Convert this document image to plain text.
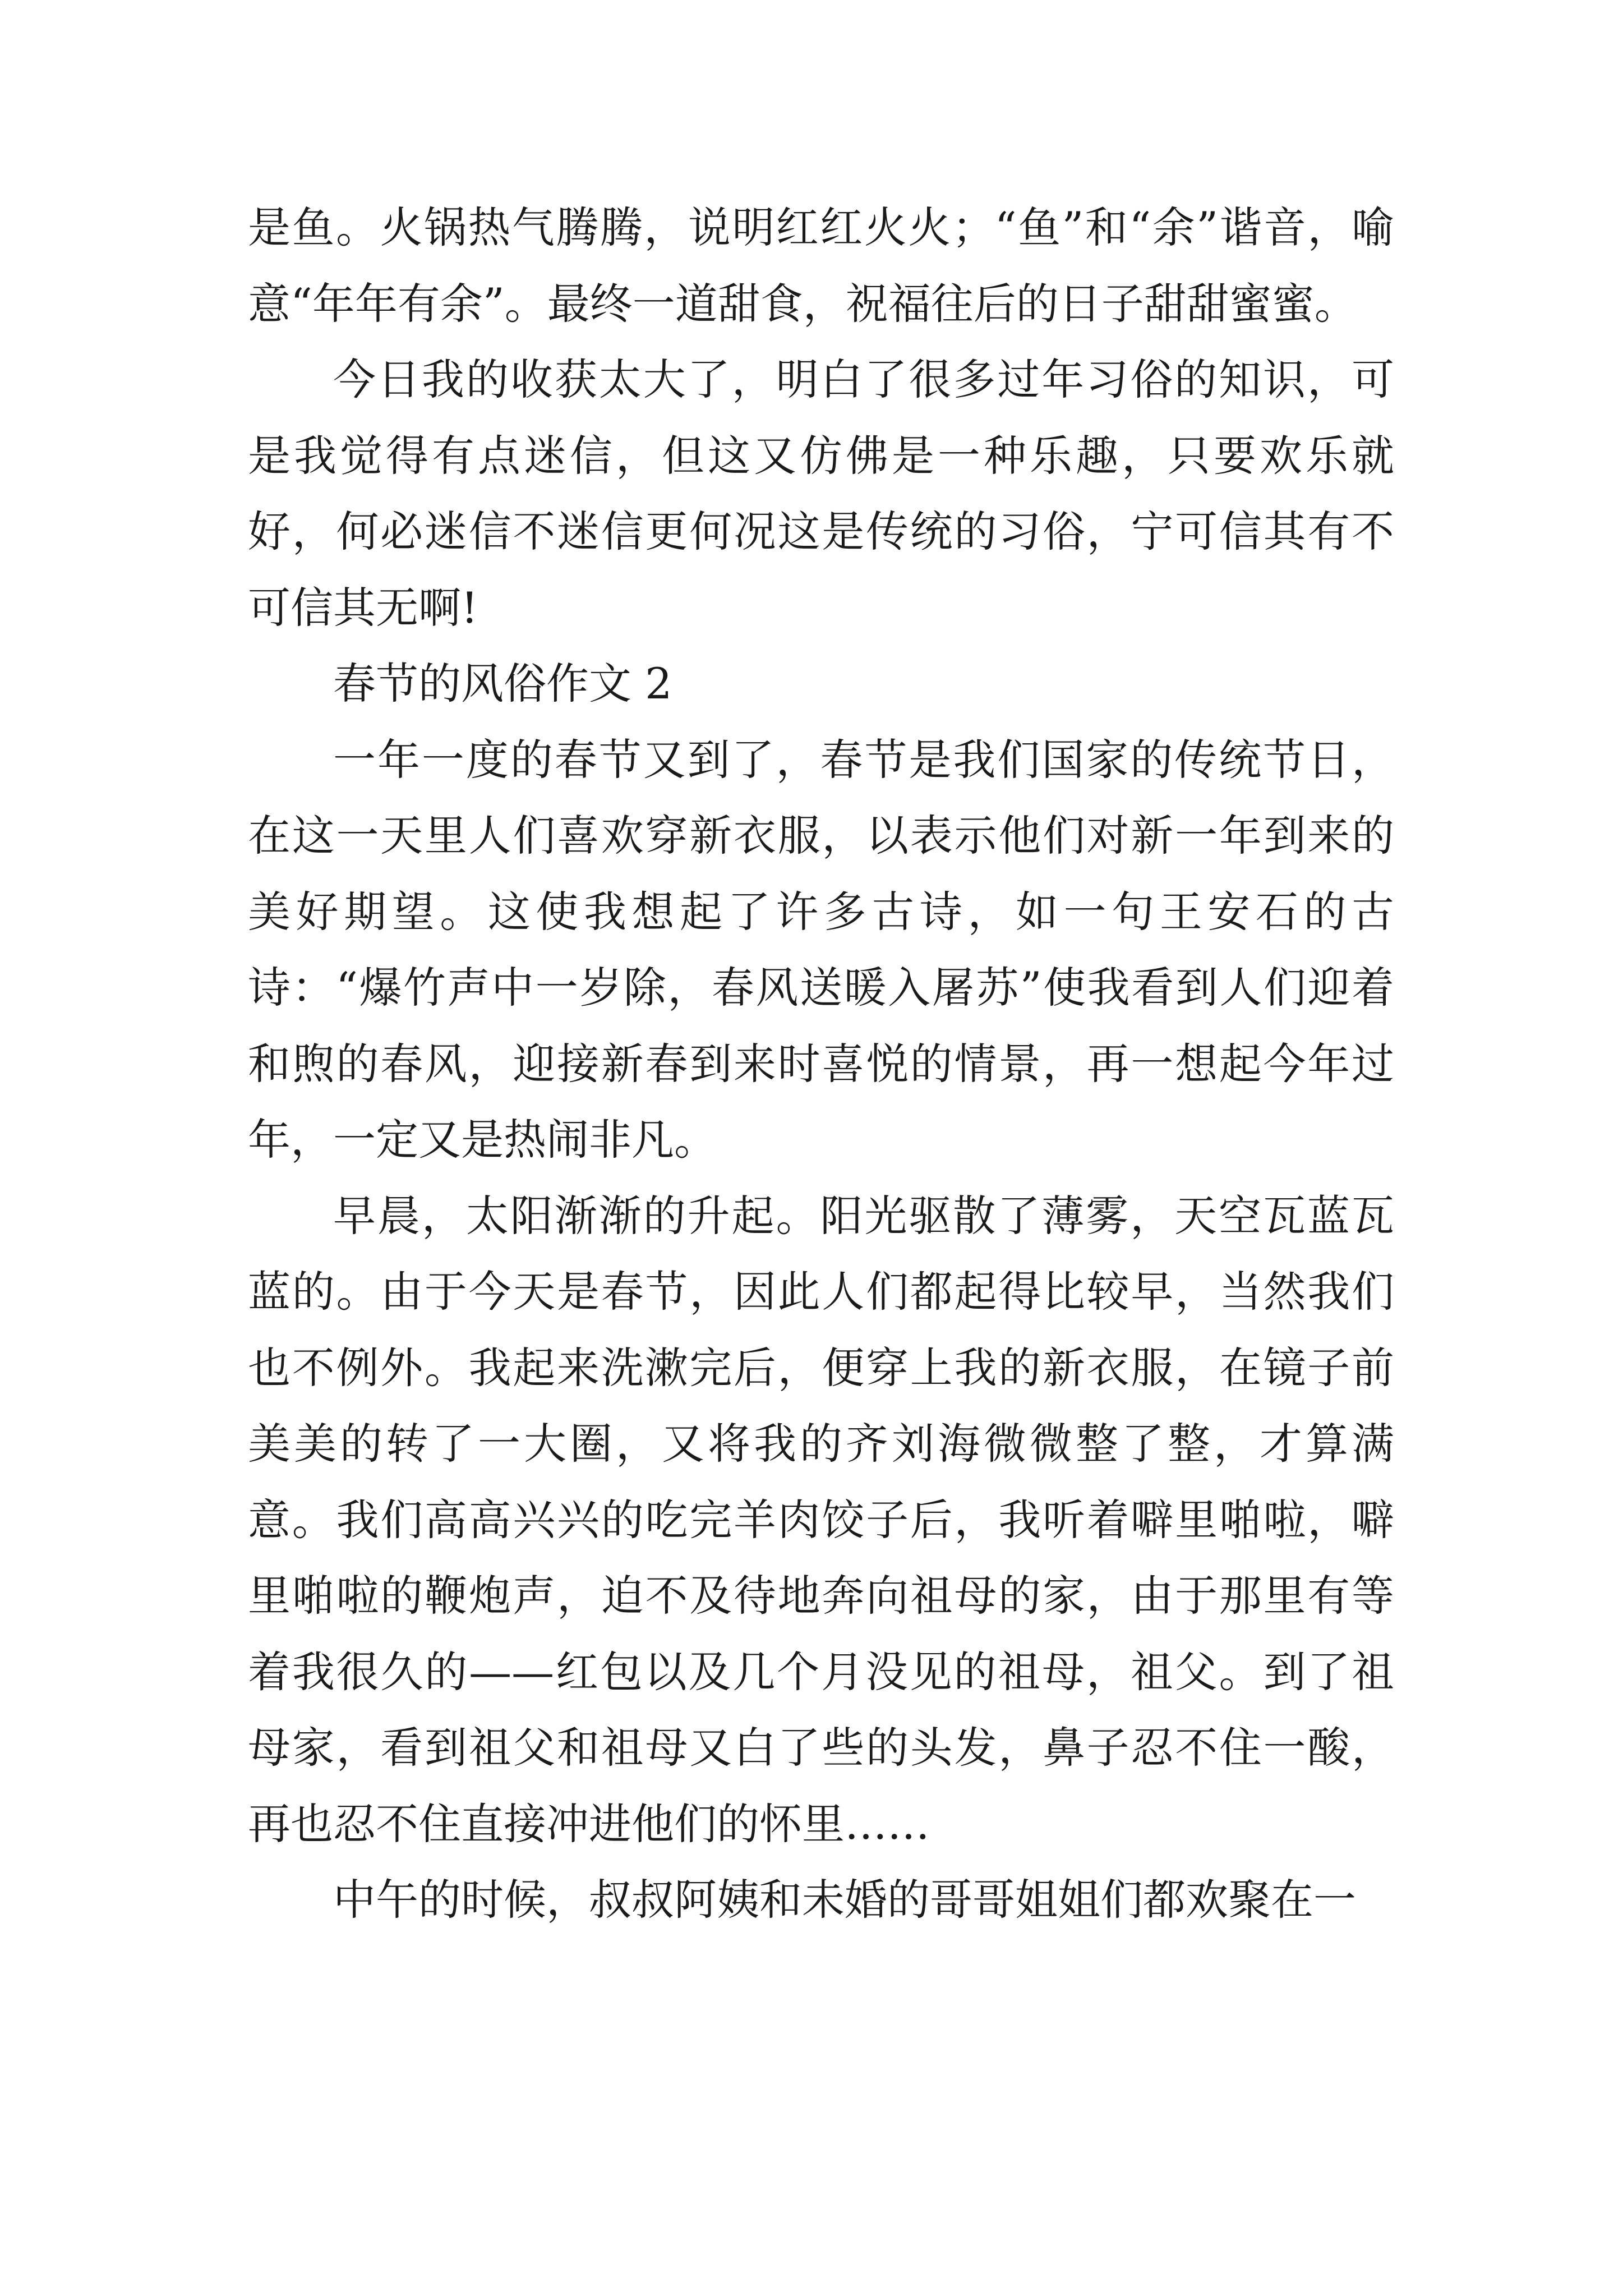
是鱼。火锅热气腾腾，说明红红火火；“鱼”和“余”谐音，喻意“年年有余”。最终一道甜食，祝福往后的日子甜甜蜜蜜。

今日我的收获太大了，明白了很多过年习俗的知识，可是我觉得有点迷信，但这又仿佛是一种乐趣，只要欢乐就好，何必迷信不迷信更何况这是传统的习俗，宁可信其有不可信其无啊!

春节的风俗作文 2

一年一度的春节又到了，春节是我们国家的传统节日，在这一天里人们喜欢穿新衣服，以表示他们对新一年到来的美好期望。这使我想起了许多古诗，如一句王安石的古诗：“爆竹声中一岁除，春风送暖入屠苏”使我看到人们迎着和煦的春风，迎接新春到来时喜悦的情景，再一想起今年过年，一定又是热闹非凡。

早晨，太阳渐渐的升起。阳光驱散了薄雾，天空瓦蓝瓦蓝的。由于今天是春节，因此人们都起得比较早，当然我们也不例外。我起来洗漱完后，便穿上我的新衣服，在镜子前美美的转了一大圈，又将我的齐刘海微微整了整，才算满意。我们高高兴兴的吃完羊肉饺子后，我听着噼里啪啦，噼里啪啦的鞭炮声，迫不及待地奔向祖母的家，由于那里有等着我很久的——红包以及几个月没见的祖母，祖父。到了祖母家，看到祖父和祖母又白了些的头发，鼻子忍不住一酸，再也忍不住直接冲进他们的怀里……

中午的时候，叔叔阿姨和未婚的哥哥姐姐们都欢聚在一
